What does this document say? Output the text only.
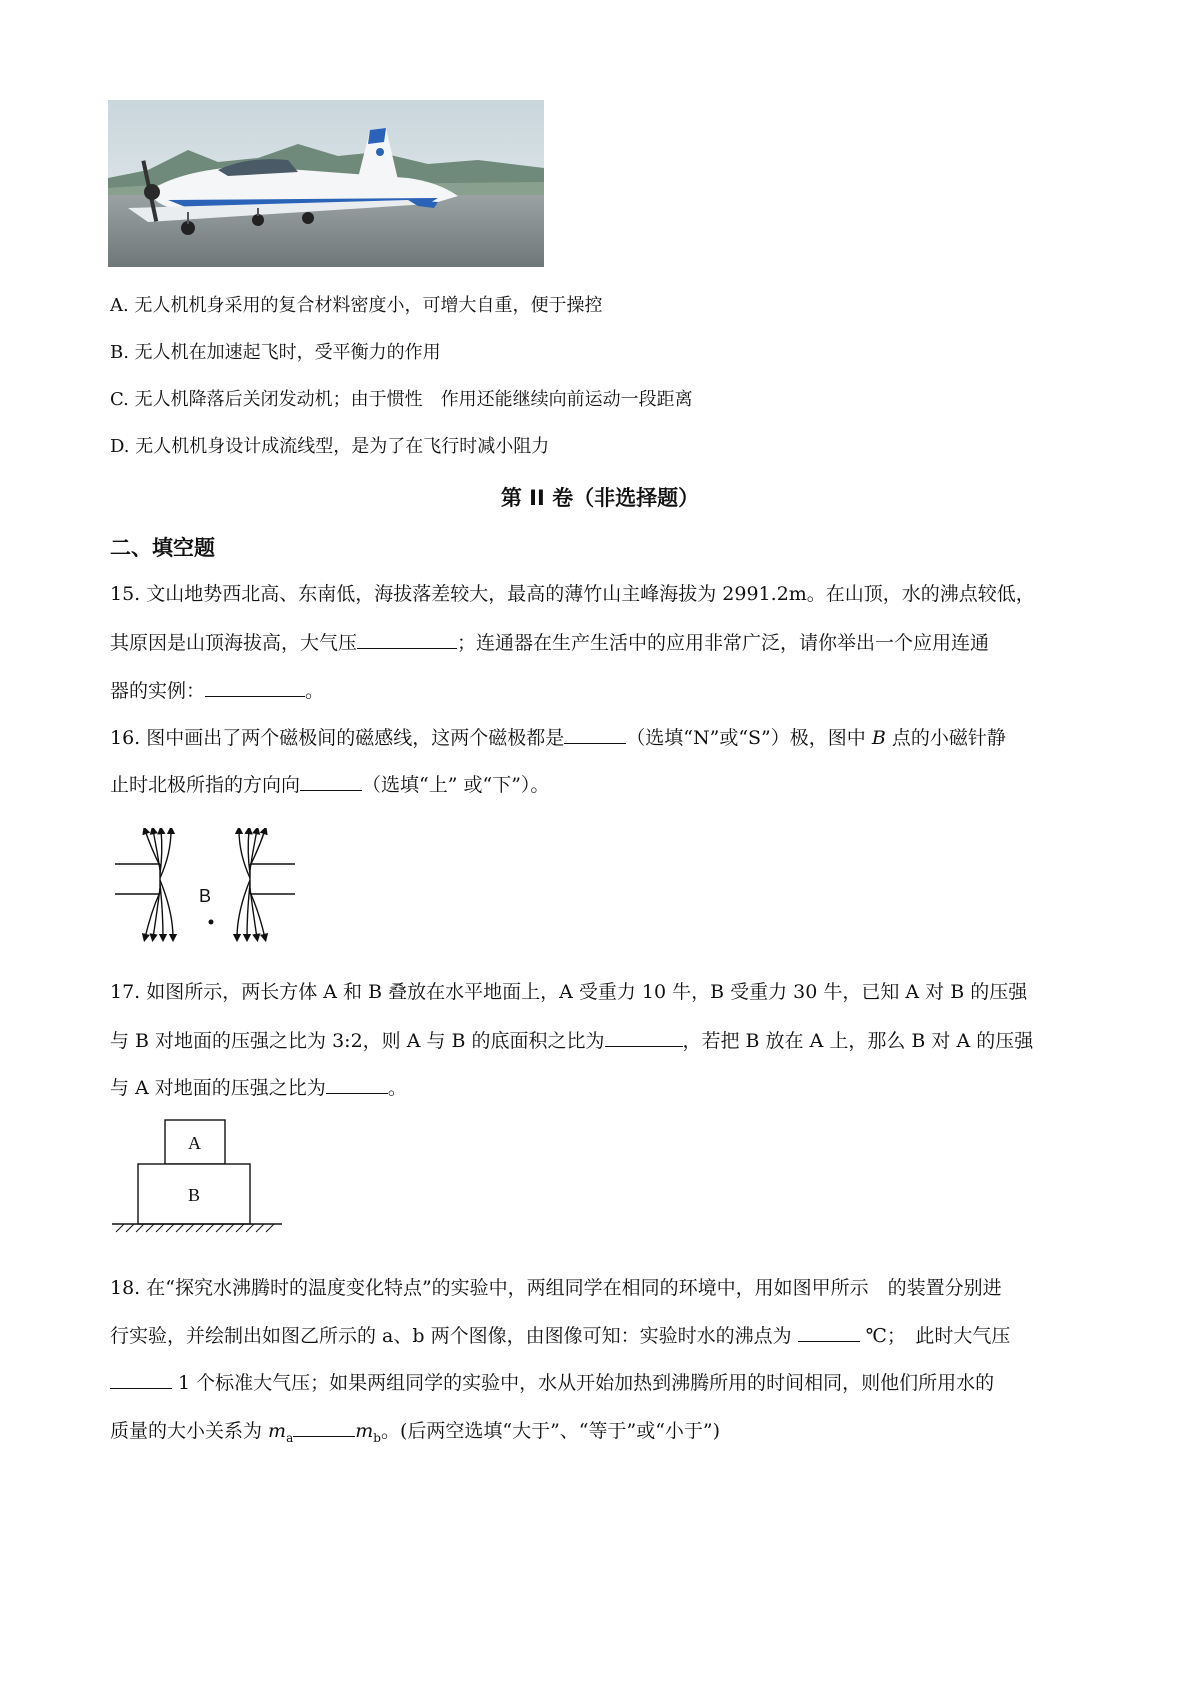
A. 无人机机身采用的复合材料密度小，可增大自重，便于操控
B. 无人机在加速起飞时，受平衡力的作用
C. 无人机降落后关闭发动机；由于惯性　作用还能继续向前运动一段距离
D. 无人机机身设计成流线型，是为了在飞行时减小阻力
第 II 卷（非选择题）
二、填空题
15. 文山地势西北高、东南低，海拔落差较大，最高的薄竹山主峰海拔为 2991.2m。在山顶，水的沸点较低，
其原因是山顶海拔高，大气压	；连通器在生产生活中的应用非常广泛，请你举出一个应用连通
器的实例：	。
16. 图中画出了两个磁极间的磁感线，这两个磁极都是	（选填“N”或“S”）极，图中 B 点的小磁针静
止时北极所指的方向向	（选填“上” 或“下”）。
B
17. 如图所示，两长方体 A 和 B 叠放在水平地面上，A 受重力 10 牛，B 受重力 30 牛，已知 A 对 B 的压强
与 B 对地面的压强之比为 3:2，则 A 与 B 的底面积之比为	，若把 B 放在 A 上，那么 B 对 A 的压强
与 A 对地面的压强之比为	。
A
B
18. 在“探究水沸腾时的温度变化特点”的实验中，两组同学在相同的环境中，用如图甲所示　的装置分别进
行实验，并绘制出如图乙所示的 a、b 两个图像，由图像可知：实验时水的沸点为	℃；　此时大气压
1 个标准大气压；如果两组同学的实验中，水从开始加热到沸腾所用的时间相同，则他们所用水的
质量的大小关系为 $m_a$	$m_b$。(后两空选填“大于”、“等于”或“小于”)
